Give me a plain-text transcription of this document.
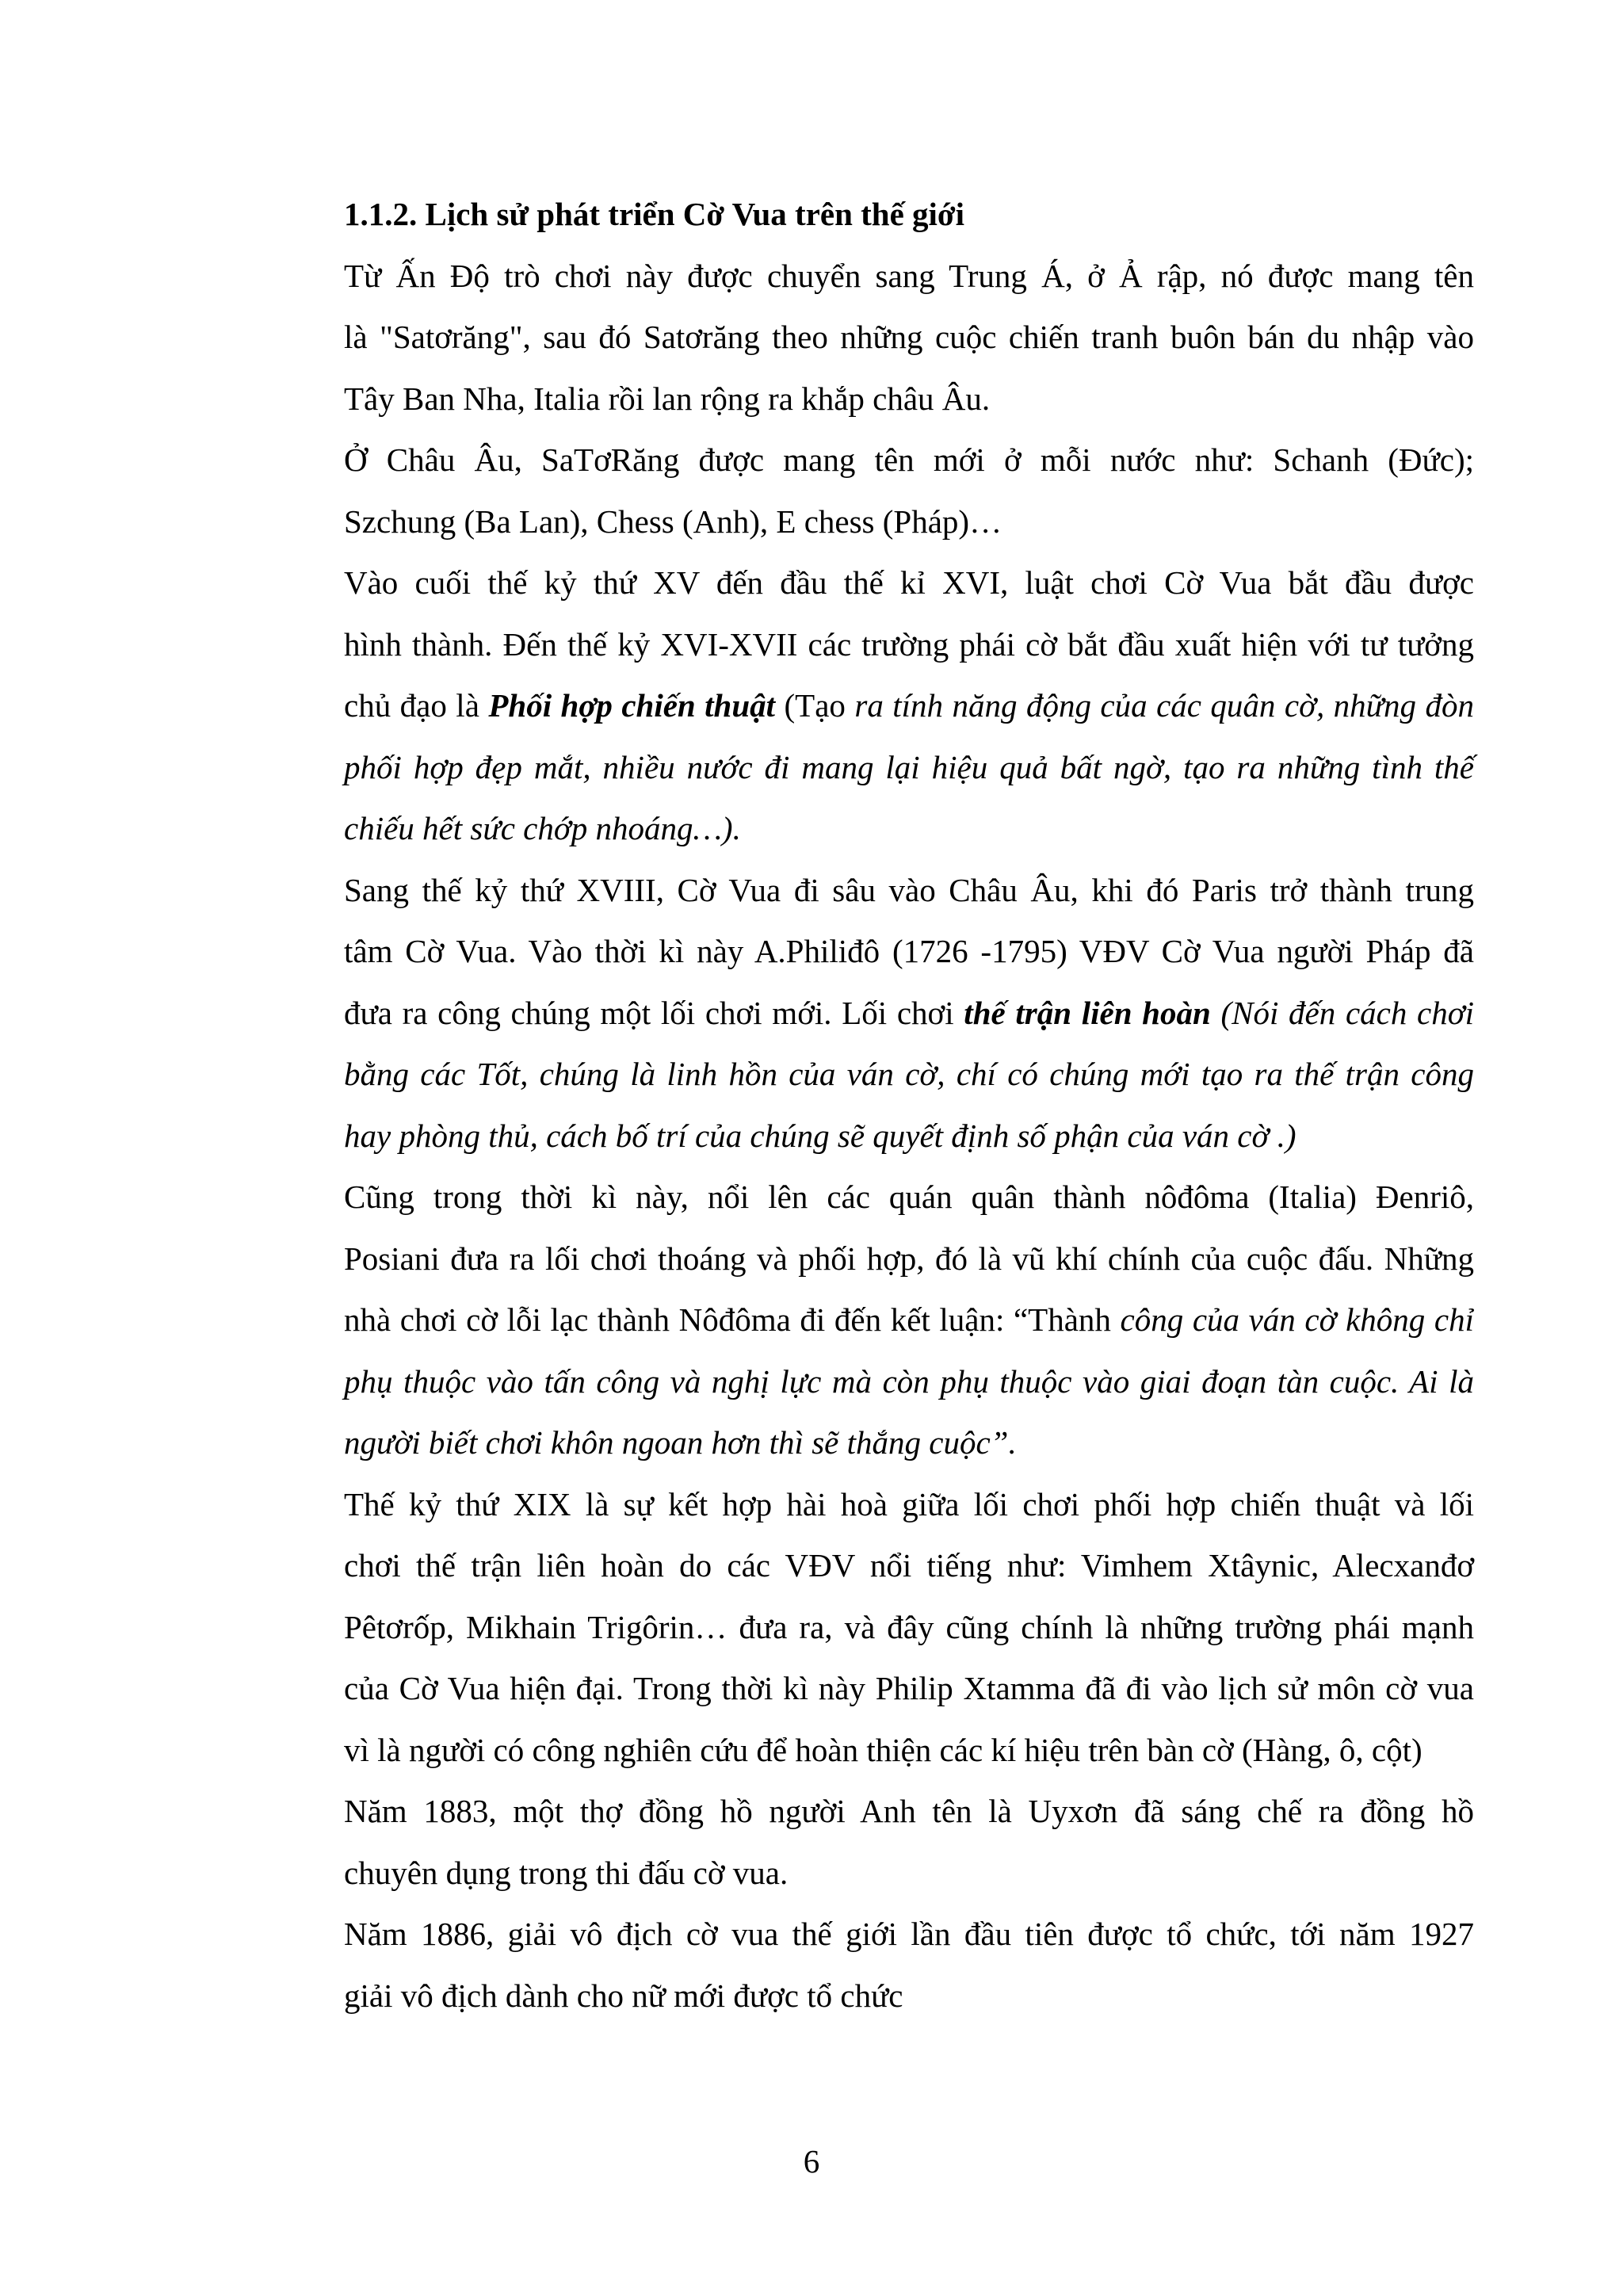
1.1.2. Lịch sử phát triển Cờ Vua trên thế giới

Từ Ấn Độ trò chơi này được chuyển sang Trung Á, ở Ả rập, nó được mang tên
là "Satơrăng", sau đó Satơrăng theo những cuộc chiến tranh buôn bán du nhập vào
Tây Ban Nha, Italia rồi lan rộng ra khắp châu Âu.

Ở Châu Âu, SaTơRăng được mang tên mới ở mỗi nước như: Schanh (Đức);
Szchung (Ba Lan), Chess (Anh), E chess (Pháp)…

Vào cuối thế kỷ thứ XV đến đầu thế kỉ XVI, luật chơi Cờ Vua bắt đầu được
hình thành. Đến thế kỷ XVI-XVII các trường phái cờ bắt đầu xuất hiện với tư tưởng
chủ đạo là Phối hợp chiến thuật (Tạo ra tính năng động của các quân cờ, những đòn
phối hợp đẹp mắt, nhiều nước đi mang lại hiệu quả bất ngờ, tạo ra những tình thế
chiếu hết sức chớp nhoáng…).

Sang thế kỷ thứ XVIII, Cờ Vua đi sâu vào Châu Âu, khi đó Paris trở thành trung
tâm Cờ Vua. Vào thời kì này A.Philiđô (1726 -1795) VĐV Cờ Vua người Pháp đã
đưa ra công chúng một lối chơi mới. Lối chơi thế trận liên hoàn (Nói đến cách chơi
bằng các Tốt, chúng là linh hồn của ván cờ, chí có chúng mới tạo ra thế trận công
hay phòng thủ, cách bố trí của chúng sẽ quyết định số phận của ván cờ .)

Cũng trong thời kì này, nổi lên các quán quân thành nôđôma (Italia) Đenriô,
Posiani đưa ra lối chơi thoáng và phối hợp, đó là vũ khí chính của cuộc đấu. Những
nhà chơi cờ lỗi lạc thành Nôđôma đi đến kết luận: “Thành công của ván cờ không chỉ
phụ thuộc vào tấn công và nghị lực mà còn phụ thuộc vào giai đoạn tàn cuộc. Ai là
người biết chơi khôn ngoan hơn thì sẽ thắng cuộc”.

Thế kỷ thứ XIX là sự kết hợp hài hoà giữa lối chơi phối hợp chiến thuật và lối
chơi thế trận liên hoàn do các VĐV nổi tiếng như: Vimhem Xtâynic, Alecxanđơ
Pêtơrốp, Mikhain Trigôrin… đưa ra, và đây cũng chính là những trường phái mạnh
của Cờ Vua hiện đại. Trong thời kì này Philip Xtamma đã đi vào lịch sử môn cờ vua
vì là người có công nghiên cứu để hoàn thiện các kí hiệu trên bàn cờ (Hàng, ô, cột)

Năm 1883, một thợ đồng hồ người Anh tên là Uyxơn đã sáng chế ra đồng hồ
chuyên dụng trong thi đấu cờ vua.

Năm 1886, giải vô địch cờ vua thế giới lần đầu tiên được tổ chức, tới năm 1927
giải vô địch dành cho nữ mới được tổ chức

6
